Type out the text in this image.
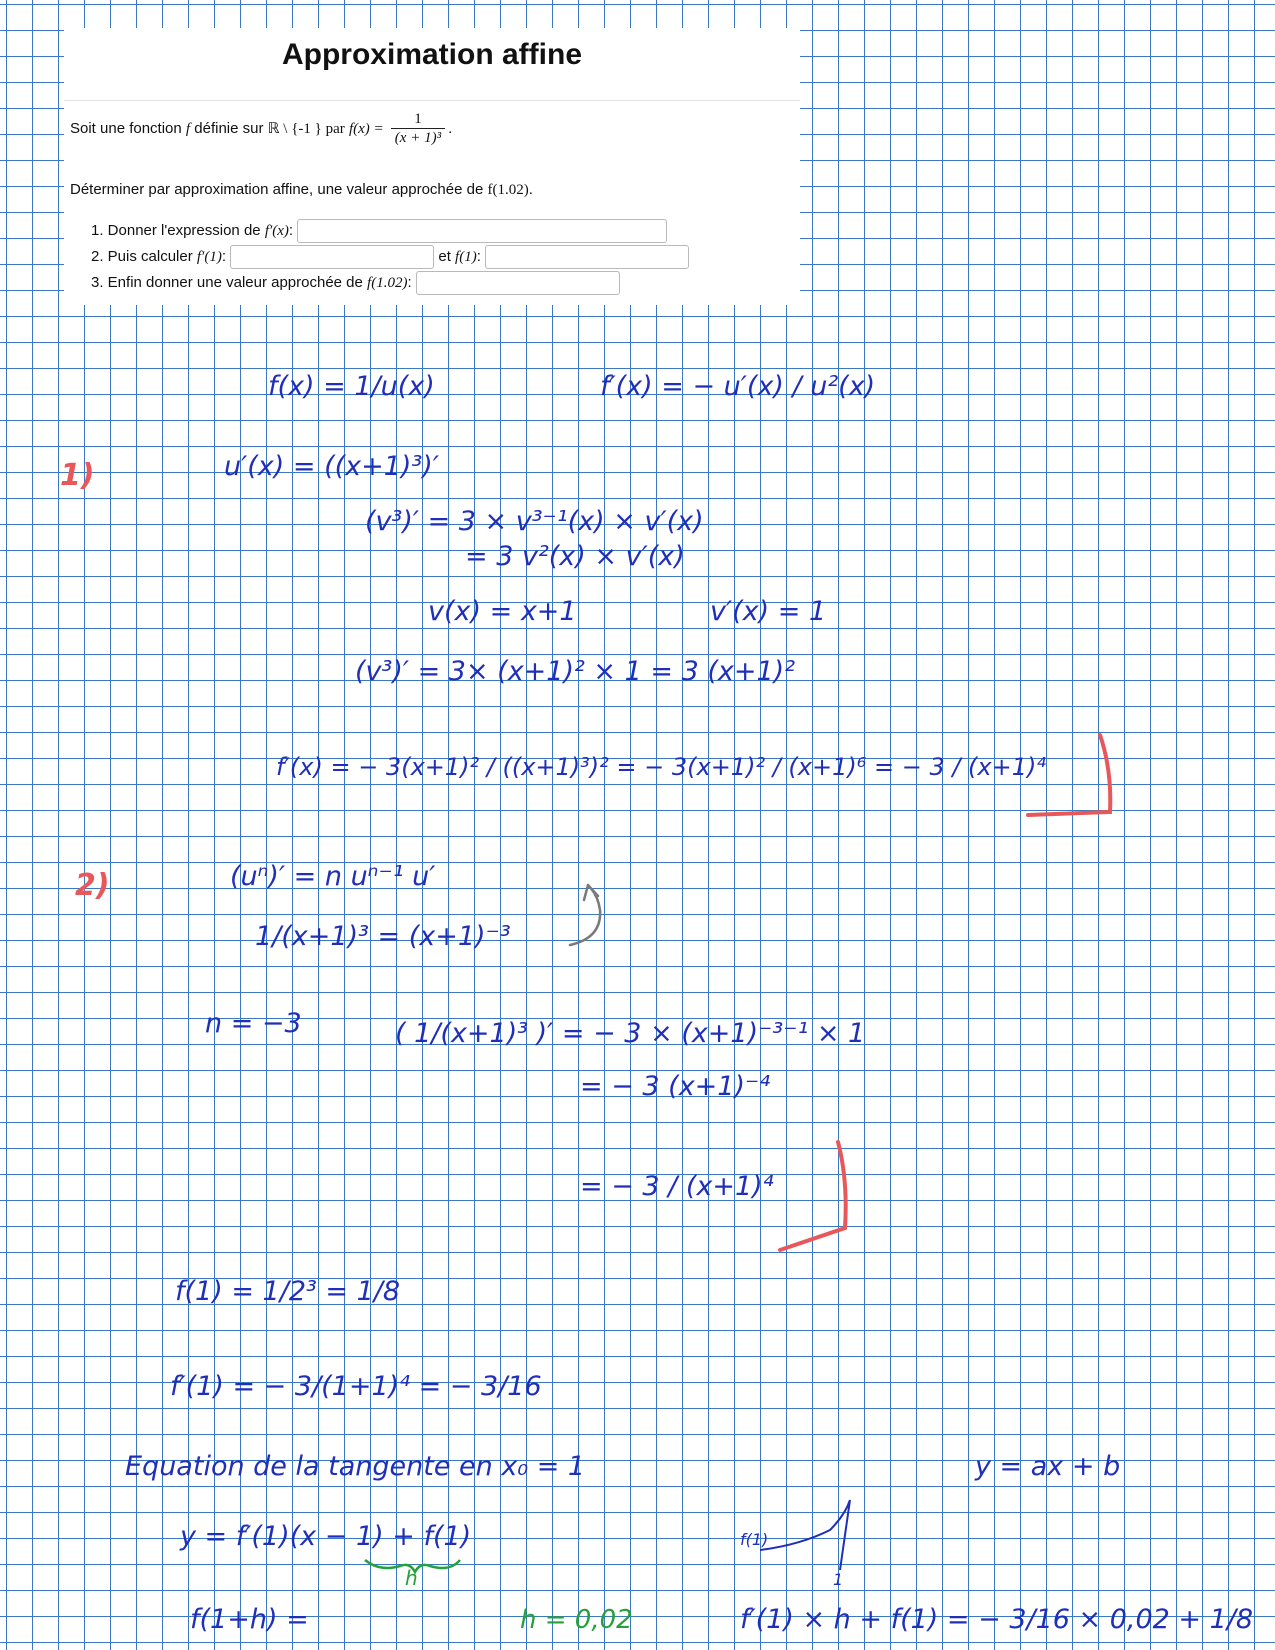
Approximation affine
Soit une fonction f définie sur ℝ \ {-1 } par $f(x) = \frac{1}{\text{(x + 1)³}}$ .
Déterminer par approximation affine, une valeur approchée de f(1.02).
1. Donner l'expression de f′(x):
2. Puis calculer f′(1):	et f(1):
3. Enfin donner une valeur approchée de f(1.02):
f(x) = 1/u(x)	f′(x) = − u′(x) / u²(x)
u′(x) = ((x+1)³)′
(v³)′ = 3 × v³⁻¹(x) × v′(x)
= 3 v²(x) × v′(x)
v(x) = x+1	v′(x) = 1
(v³)′ = 3× (x+1)² × 1 = 3 (x+1)²
f′(x) = − 3(x+1)² / ((x+1)³)² = − 3(x+1)² / (x+1)⁶ = − 3 / (x+1)⁴
(uⁿ)′ = n uⁿ⁻¹ u′
1/(x+1)³ = (x+1)⁻³
n = −3	( 1/(x+1)³ )′ = − 3 × (x+1)⁻³⁻¹ × 1
= − 3 (x+1)⁻⁴
= − 3 / (x+1)⁴
f(1) = 1/2³ = 1/8
f′(1) = − 3/(1+1)⁴ = − 3/16
Equation de la tangente en x₀ = 1	y = ax + b
y = f′(1)(x − 1) + f(1)
f(1+h) =	f′(1) × h + f(1) = − 3/16 × 0,02 + 1/8
f(1)
1
h = 0,02
h
1)
2)
